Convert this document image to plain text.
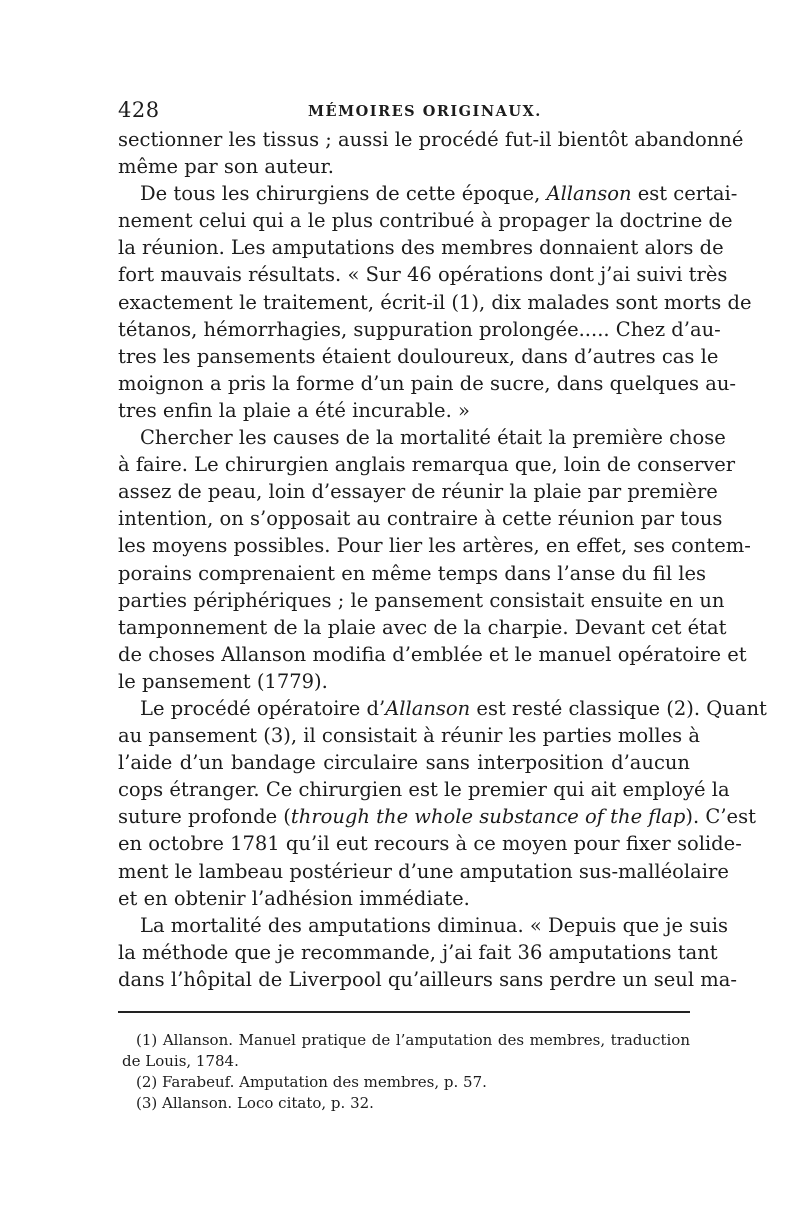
428	MÉMOIRES ORIGINAUX.
sectionner les tissus ; aussi le procédé fut-il bientôt abandonné
même par son auteur.
De tous les chirurgiens de cette époque, Allanson est certai-
nement celui qui a le plus contribué à propager la doctrine de
la réunion. Les amputations des membres donnaient alors de
fort mauvais résultats. « Sur 46 opérations dont j’ai suivi très
exactement le traitement, écrit-il (1), dix malades sont morts de
tétanos, hémorrhagies, suppuration prolongée..... Chez d’au-
tres les pansements étaient douloureux, dans d’autres cas le
moignon a pris la forme d’un pain de sucre, dans quelques au-
tres enfin la plaie a été incurable. »
Chercher les causes de la mortalité était la première chose
à faire. Le chirurgien anglais remarqua que, loin de conserver
assez de peau, loin d’essayer de réunir la plaie par première
intention, on s’opposait au contraire à cette réunion par tous
les moyens possibles. Pour lier les artères, en effet, ses contem-
porains comprenaient en même temps dans l’anse du fil les
parties périphériques ; le pansement consistait ensuite en un
tamponnement de la plaie avec de la charpie. Devant cet état
de choses Allanson modifia d’emblée et le manuel opératoire et
le pansement (1779).
Le procédé opératoire d’Allanson est resté classique (2). Quant
au pansement (3), il consistait à réunir les parties molles à
l’aide d’un bandage circulaire sans interposition d’aucun
cops étranger. Ce chirurgien est le premier qui ait employé la
suture profonde (through the whole substance of the flap). C’est
en octobre 1781 qu’il eut recours à ce moyen pour fixer solide-
ment le lambeau postérieur d’une amputation sus-malléolaire
et en obtenir l’adhésion immédiate.
La mortalité des amputations diminua. « Depuis que je suis
la méthode que je recommande, j’ai fait 36 amputations tant
dans l’hôpital de Liverpool qu’ailleurs sans perdre un seul ma-
(1) Allanson. Manuel pratique de l’amputation des membres, traduction
de Louis, 1784.
(2) Farabeuf. Amputation des membres, p. 57.
(3) Allanson. Loco citato, p. 32.
